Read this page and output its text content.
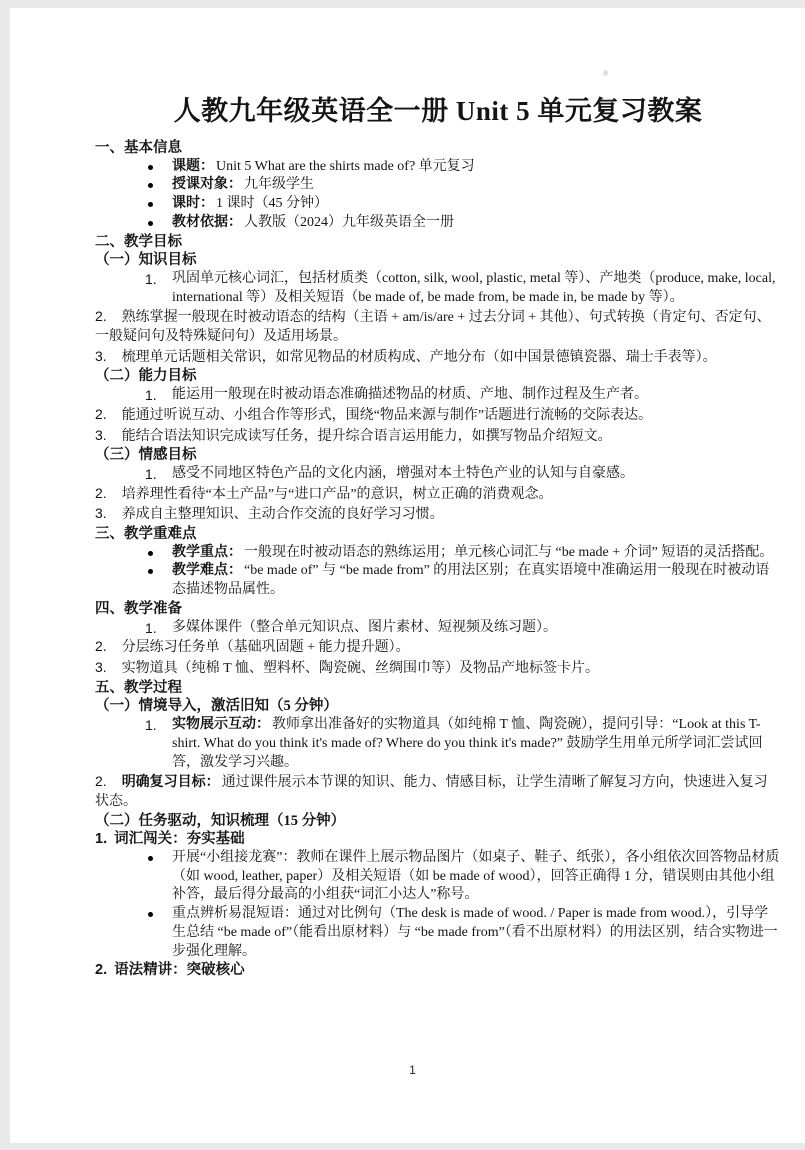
人教九年级英语全一册 Unit 5 单元复习教案
一、基本信息
课题： Unit 5 What are the shirts made of? 单元复习
授课对象： 九年级学生
课时： 1 课时（45 分钟）
教材依据： 人教版（2024）九年级英语全一册
二、教学目标
（一）知识目标
1. 巩固单元核心词汇，包括材质类（cotton, silk, wool, plastic, metal 等）、产地类（produce, make, local, international 等）及相关短语（be made of, be made from, be made in, be made by 等）。
2. 熟练掌握一般现在时被动语态的结构（主语 + am/is/are + 过去分词 + 其他）、句式转换（肯定句、否定句、一般疑问句及特殊疑问句）及适用场景。
3. 梳理单元话题相关常识，如常见物品的材质构成、产地分布（如中国景德镇瓷器、瑞士手表等）。
（二）能力目标
1. 能运用一般现在时被动语态准确描述物品的材质、产地、制作过程及生产者。
2. 能通过听说互动、小组合作等形式，围绕“物品来源与制作”话题进行流畅的交际表达。
3. 能结合语法知识完成读写任务，提升综合语言运用能力，如撰写物品介绍短文。
（三）情感目标
1. 感受不同地区特色产品的文化内涵，增强对本土特色产业的认知与自豪感。
2. 培养理性看待“本土产品”与“进口产品”的意识，树立正确的消费观念。
3. 养成自主整理知识、主动合作交流的良好学习习惯。
三、教学重难点
教学重点： 一般现在时被动语态的熟练运用；单元核心词汇与 “be made + 介词” 短语的灵活搭配。
教学难点： “be made of” 与 “be made from” 的用法区别；在真实语境中准确运用一般现在时被动语态描述物品属性。
四、教学准备
1. 多媒体课件（整合单元知识点、图片素材、短视频及练习题）。
2. 分层练习任务单（基础巩固题 + 能力提升题）。
3. 实物道具（纯棉 T 恤、塑料杯、陶瓷碗、丝绸围巾等）及物品产地标签卡片。
五、教学过程
（一）情境导入，激活旧知（5 分钟）
1. 实物展示互动： 教师拿出准备好的实物道具（如纯棉 T 恤、陶瓷碗），提问引导：“Look at this T-shirt. What do you think it's made of? Where do you think it's made?” 鼓励学生用单元所学词汇尝试回答，激发学习兴趣。
2. 明确复习目标： 通过课件展示本节课的知识、能力、情感目标，让学生清晰了解复习方向，快速进入复习状态。
（二）任务驱动，知识梳理（15 分钟）
1. 词汇闯关：夯实基础
开展“小组接龙赛”：教师在课件上展示物品图片（如桌子、鞋子、纸张），各小组依次回答物品材质（如 wood, leather, paper）及相关短语（如 be made of wood），回答正确得 1 分，错误则由其他小组补答，最后得分最高的小组获“词汇小达人”称号。
重点辨析易混短语：通过对比例句（The desk is made of wood. / Paper is made from wood.），引导学生总结 “be made of”（能看出原材料）与 “be made from”（看不出原材料）的用法区别，结合实物进一步强化理解。
2. 语法精讲：突破核心
1
